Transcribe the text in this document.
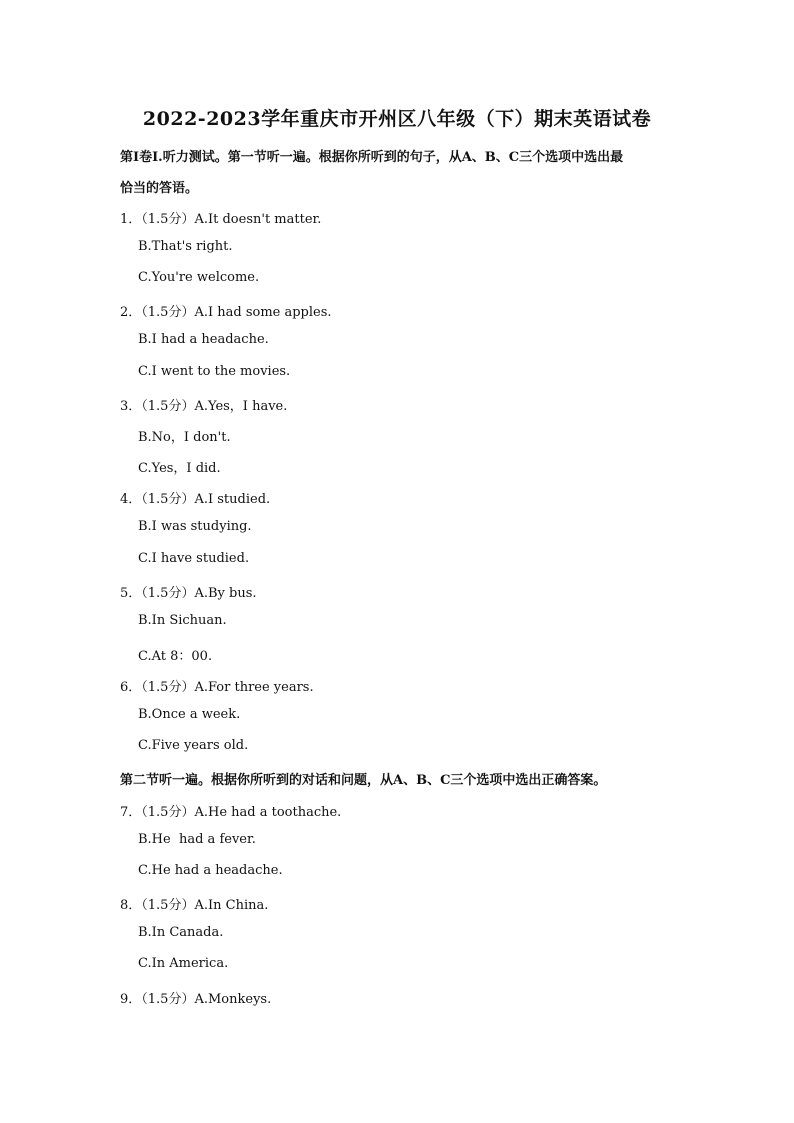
2022-2023学年重庆市开州区八年级（下）期末英语试卷
第Ⅰ卷Ⅰ.听力测试。第一节听一遍。根据你所听到的句子，从A、B、C三个选项中选出最
恰当的答语。
1．（1.5分）A.It doesn't matter.
B.That's right.
C.You're welcome.
2．（1.5分）A.I had some apples.
B.I had a headache.
C.I went to the movies.
3．（1.5分）A.Yes，I have.
B.No，I don't.
C.Yes，I did.
4．（1.5分）A.I studied.
B.I was studying.
C.I have studied.
5．（1.5分）A.By bus.
B.In Sichuan.
C.At 8：00.
6．（1.5分）A.For three years.
B.Once a week.
C.Five years old.
第二节听一遍。根据你所听到的对话和问题，从A、B、C三个选项中选出正确答案。
7．（1.5分）A.He had a toothache.
B.He  had a fever.
C.He had a headache.
8．（1.5分）A.In China.
B.In Canada.
C.In America.
9．（1.5分）A.Monkeys.
